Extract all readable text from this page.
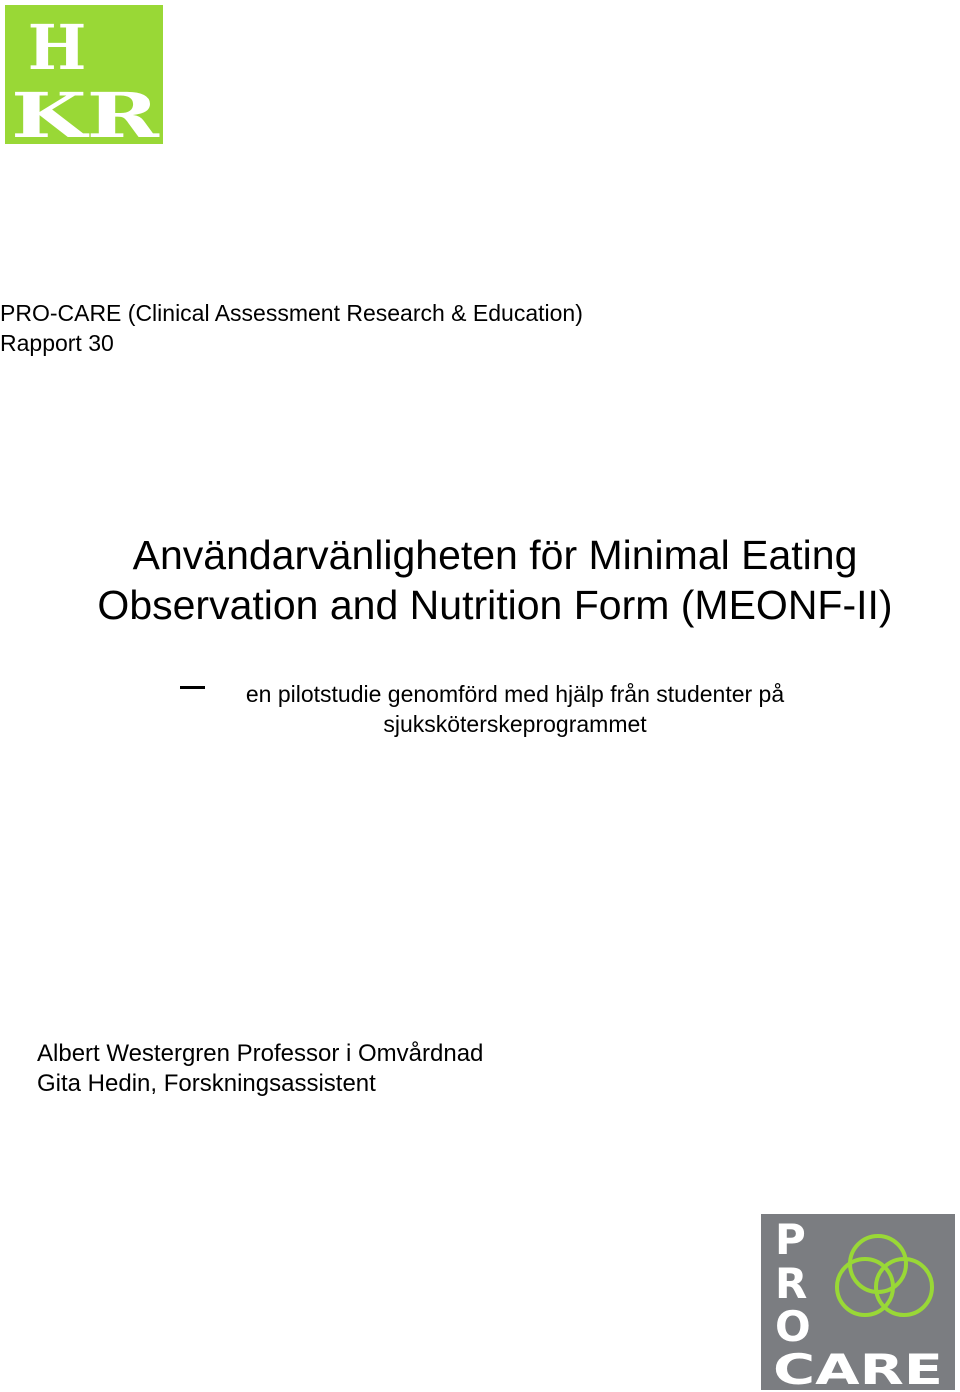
H
KR
PRO-CARE (Clinical Assessment Research & Education)
Rapport 30
Användarvänligheten för Minimal Eating
Observation and Nutrition Form (MEONF-II)
en pilotstudie genomförd med hjälp från studenter på
sjuksköterskeprogrammet
Albert Westergren Professor i Omvårdnad
Gita Hedin, Forskningsassistent
P
R
O
CARE
